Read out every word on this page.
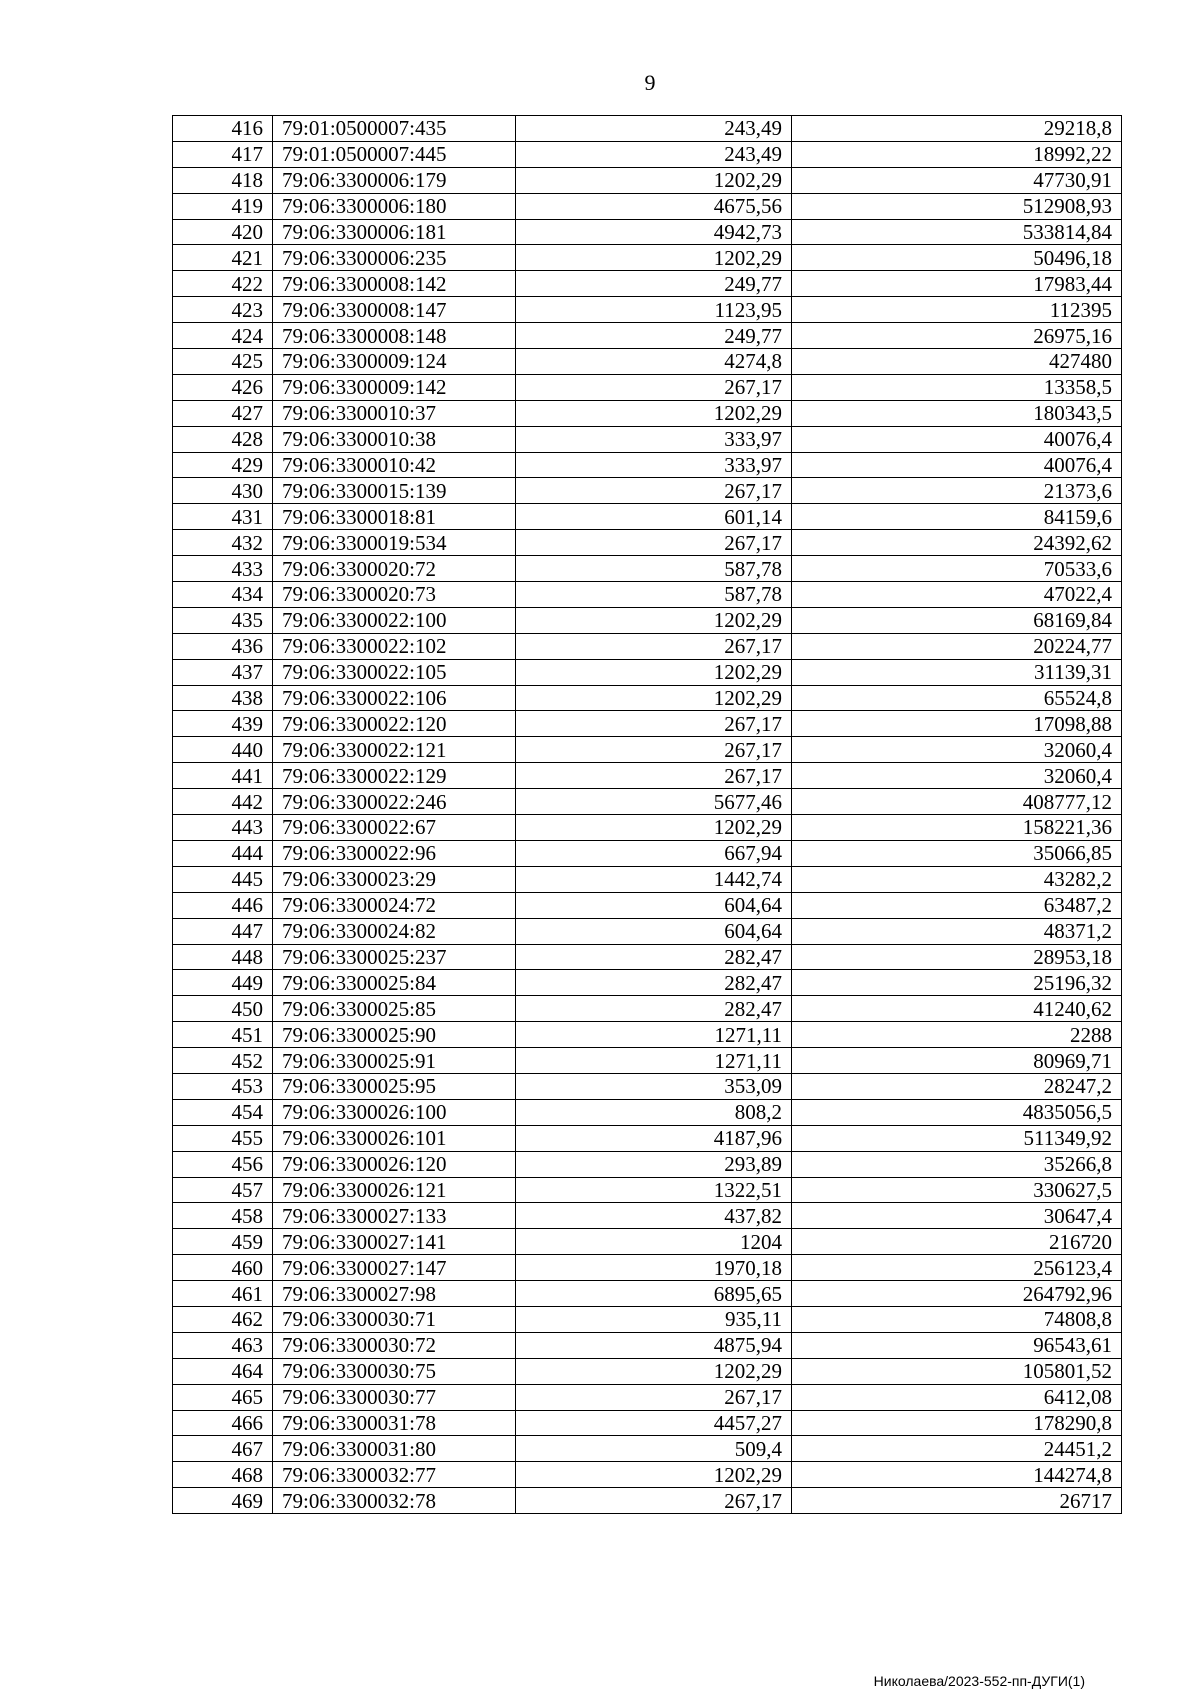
9
416	79:01:0500007:435	243,49	29218,8
417	79:01:0500007:445	243,49	18992,22
418	79:06:3300006:179	1202,29	47730,91
419	79:06:3300006:180	4675,56	512908,93
420	79:06:3300006:181	4942,73	533814,84
421	79:06:3300006:235	1202,29	50496,18
422	79:06:3300008:142	249,77	17983,44
423	79:06:3300008:147	1123,95	112395
424	79:06:3300008:148	249,77	26975,16
425	79:06:3300009:124	4274,8	427480
426	79:06:3300009:142	267,17	13358,5
427	79:06:3300010:37	1202,29	180343,5
428	79:06:3300010:38	333,97	40076,4
429	79:06:3300010:42	333,97	40076,4
430	79:06:3300015:139	267,17	21373,6
431	79:06:3300018:81	601,14	84159,6
432	79:06:3300019:534	267,17	24392,62
433	79:06:3300020:72	587,78	70533,6
434	79:06:3300020:73	587,78	47022,4
435	79:06:3300022:100	1202,29	68169,84
436	79:06:3300022:102	267,17	20224,77
437	79:06:3300022:105	1202,29	31139,31
438	79:06:3300022:106	1202,29	65524,8
439	79:06:3300022:120	267,17	17098,88
440	79:06:3300022:121	267,17	32060,4
441	79:06:3300022:129	267,17	32060,4
442	79:06:3300022:246	5677,46	408777,12
443	79:06:3300022:67	1202,29	158221,36
444	79:06:3300022:96	667,94	35066,85
445	79:06:3300023:29	1442,74	43282,2
446	79:06:3300024:72	604,64	63487,2
447	79:06:3300024:82	604,64	48371,2
448	79:06:3300025:237	282,47	28953,18
449	79:06:3300025:84	282,47	25196,32
450	79:06:3300025:85	282,47	41240,62
451	79:06:3300025:90	1271,11	2288
452	79:06:3300025:91	1271,11	80969,71
453	79:06:3300025:95	353,09	28247,2
454	79:06:3300026:100	808,2	4835056,5
455	79:06:3300026:101	4187,96	511349,92
456	79:06:3300026:120	293,89	35266,8
457	79:06:3300026:121	1322,51	330627,5
458	79:06:3300027:133	437,82	30647,4
459	79:06:3300027:141	1204	216720
460	79:06:3300027:147	1970,18	256123,4
461	79:06:3300027:98	6895,65	264792,96
462	79:06:3300030:71	935,11	74808,8
463	79:06:3300030:72	4875,94	96543,61
464	79:06:3300030:75	1202,29	105801,52
465	79:06:3300030:77	267,17	6412,08
466	79:06:3300031:78	4457,27	178290,8
467	79:06:3300031:80	509,4	24451,2
468	79:06:3300032:77	1202,29	144274,8
469	79:06:3300032:78	267,17	26717
Николаева/2023-552-пп-ДУГИ(1)
